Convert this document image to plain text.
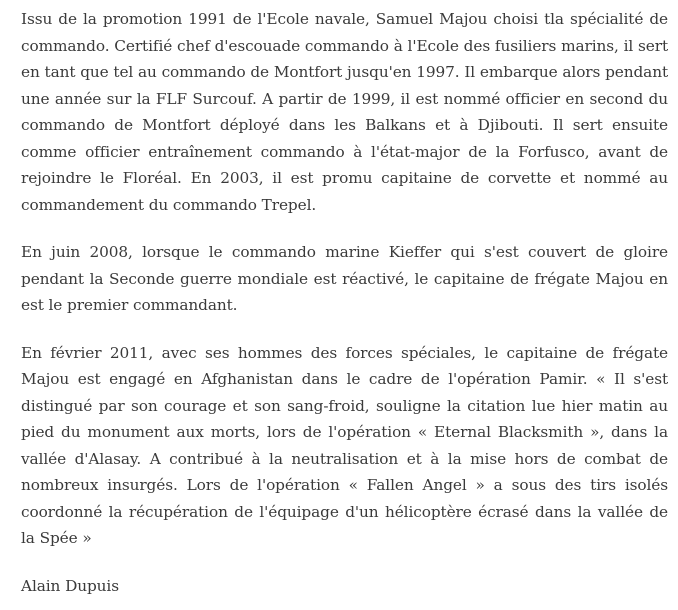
Issu de la promotion 1991 de l'Ecole navale, Samuel Majou choisi tla spécialité de commando. Certifié chef d'escouade commando à l'Ecole des fusiliers marins, il sert en tant que tel au commando de Montfort jusqu'en 1997. Il embarque alors pendant une année sur la FLF Surcouf. A partir de 1999, il est nommé officier en second du commando de Montfort déployé dans les Balkans et à Djibouti. Il sert ensuite comme officier entraînement commando à l'état-major de la Forfusco, avant de rejoindre le Floréal. En 2003, il est promu capitaine de corvette et nommé au commandement du commando Trepel.

En juin 2008, lorsque le commando marine Kieffer qui s'est couvert de gloire pendant la Seconde guerre mondiale est réactivé, le capitaine de frégate Majou en est le premier commandant.

En février 2011, avec ses hommes des forces spéciales, le capitaine de frégate Majou est engagé en Afghanistan dans le cadre de l'opération Pamir. « Il s'est distingué par son courage et son sang-froid, souligne la citation lue hier matin au pied du monument aux morts, lors de l'opération « Eternal Blacksmith », dans la vallée d'Alasay. A contribué à la neutralisation et à la mise hors de combat de nombreux insurgés. Lors de l'opération « Fallen Angel » a sous des tirs isolés coordonné la récupération de l'équipage d'un hélicoptère écrasé dans la vallée de la Spée »

Alain Dupuis
